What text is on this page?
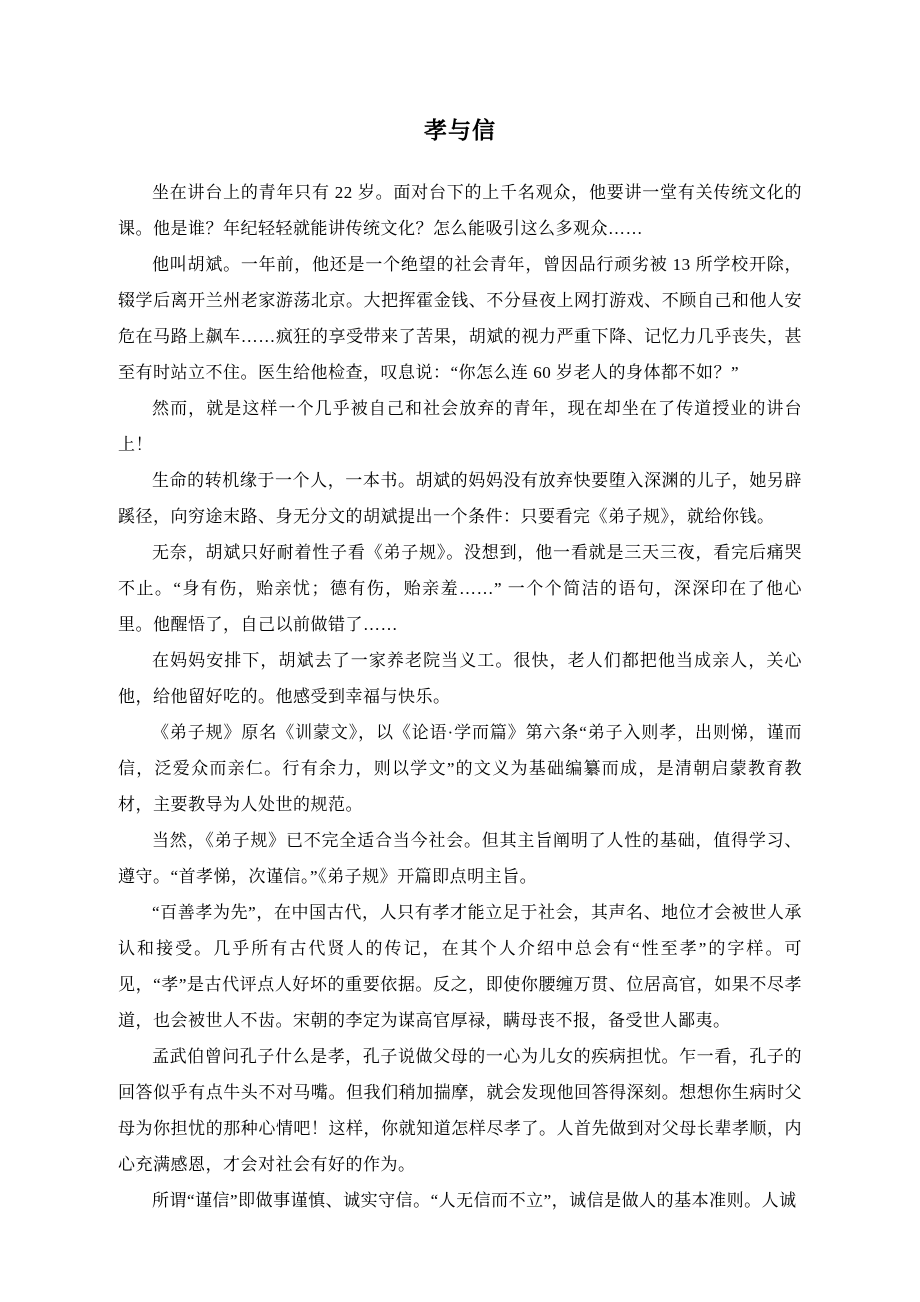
孝与信

坐在讲台上的青年只有 22 岁。面对台下的上千名观众，他要讲一堂有关传统文化的课。他是谁？年纪轻轻就能讲传统文化？怎么能吸引这么多观众……

他叫胡斌。一年前，他还是一个绝望的社会青年，曾因品行顽劣被 13 所学校开除，辍学后离开兰州老家游荡北京。大把挥霍金钱、不分昼夜上网打游戏、不顾自己和他人安危在马路上飙车……疯狂的享受带来了苦果，胡斌的视力严重下降、记忆力几乎丧失，甚至有时站立不住。医生给他检查，叹息说：“你怎么连 60 岁老人的身体都不如？”

然而，就是这样一个几乎被自己和社会放弃的青年，现在却坐在了传道授业的讲台上！

生命的转机缘于一个人，一本书。胡斌的妈妈没有放弃快要堕入深渊的儿子，她另辟蹊径，向穷途末路、身无分文的胡斌提出一个条件：只要看完《弟子规》，就给你钱。

无奈，胡斌只好耐着性子看《弟子规》。没想到，他一看就是三天三夜，看完后痛哭不止。“身有伤，贻亲忧；德有伤，贻亲羞……” 一个个简洁的语句，深深印在了他心里。他醒悟了，自己以前做错了……

在妈妈安排下，胡斌去了一家养老院当义工。很快，老人们都把他当成亲人，关心他，给他留好吃的。他感受到幸福与快乐。

《弟子规》原名《训蒙文》，以《论语·学而篇》第六条“弟子入则孝，出则悌，谨而信，泛爱众而亲仁。行有余力，则以学文”的文义为基础编纂而成，是清朝启蒙教育教材，主要教导为人处世的规范。

当然，《弟子规》已不完全适合当今社会。但其主旨阐明了人性的基础，值得学习、遵守。“首孝悌，次谨信。”《弟子规》开篇即点明主旨。

“百善孝为先”，在中国古代，人只有孝才能立足于社会，其声名、地位才会被世人承认和接受。几乎所有古代贤人的传记，在其个人介绍中总会有“性至孝”的字样。可见，“孝”是古代评点人好坏的重要依据。反之，即使你腰缠万贯、位居高官，如果不尽孝道，也会被世人不齿。宋朝的李定为谋高官厚禄，瞒母丧不报，备受世人鄙夷。

孟武伯曾问孔子什么是孝，孔子说做父母的一心为儿女的疾病担忧。乍一看，孔子的回答似乎有点牛头不对马嘴。但我们稍加揣摩，就会发现他回答得深刻。想想你生病时父母为你担忧的那种心情吧！这样，你就知道怎样尽孝了。人首先做到对父母长辈孝顺，内心充满感恩，才会对社会有好的作为。

所谓“谨信”即做事谨慎、诚实守信。“人无信而不立”，诚信是做人的基本准则。人诚
